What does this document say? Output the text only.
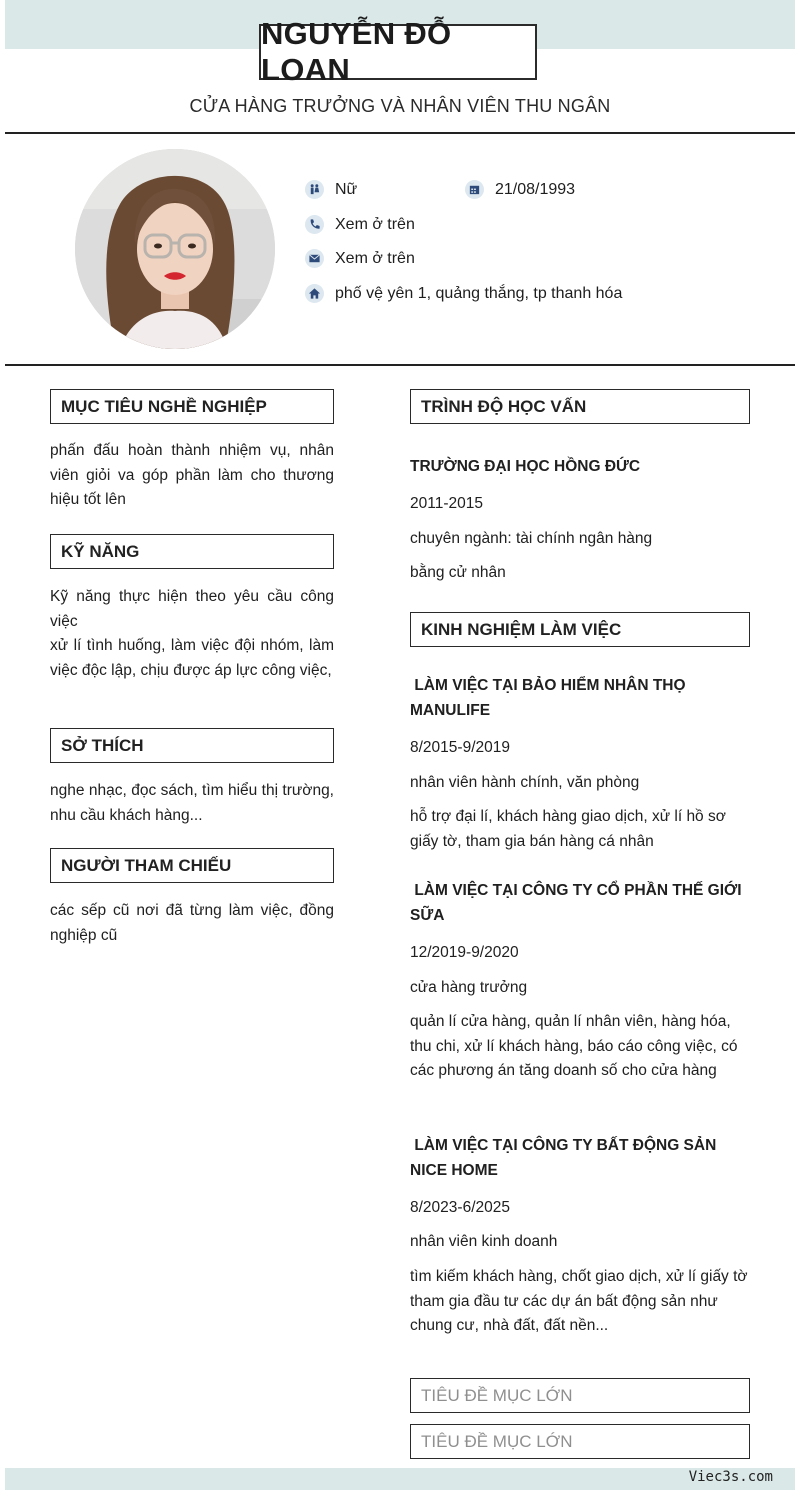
NGUYỄN ĐỖ LOAN
CỬA HÀNG TRƯỞNG VÀ NHÂN VIÊN THU NGÂN
Nữ	21/08/1993
Xem ở trên
Xem ở trên
phố vệ yên 1, quảng thắng, tp thanh hóa
MỤC TIÊU NGHỀ NGHIỆP
phấn đấu hoàn thành nhiệm vụ, nhân viên giỏi va góp phần làm cho thương hiệu tốt lên
KỸ NĂNG
Kỹ năng thực hiện theo yêu cầu công việc
xử lí tình huống, làm việc đội nhóm, làm việc độc lập, chịu được áp lực công việc,
SỞ THÍCH
nghe nhạc, đọc sách, tìm hiểu thị trường, nhu cầu khách hàng...
NGƯỜI THAM CHIẾU
các sếp cũ nơi đã từng làm việc, đồng nghiệp cũ
TRÌNH ĐỘ HỌC VẤN
TRƯỜNG ĐẠI HỌC HỒNG ĐỨC
2011-2015
chuyên ngành: tài chính ngân hàng
bằng cử nhân
KINH NGHIỆM LÀM VIỆC
LÀM VIỆC TẠI BẢO HIỂM NHÂN THỌ MANULIFE
8/2015-9/2019
nhân viên hành chính, văn phòng
hỗ trợ đại lí, khách hàng giao dịch, xử lí hồ sơ giấy tờ, tham gia bán hàng cá nhân
LÀM VIỆC TẠI CÔNG TY CỔ PHẦN THẾ GIỚI SỮA
12/2019-9/2020
cửa hàng trưởng
quản lí cửa hàng, quản lí nhân viên, hàng hóa, thu chi, xử lí khách hàng, báo cáo công việc, có các phương án tăng doanh số cho cửa hàng
LÀM VIỆC TẠI CÔNG TY BẤT ĐỘNG SẢN NICE HOME
8/2023-6/2025
nhân viên kinh doanh
tìm kiếm khách hàng, chốt giao dịch, xử lí giấy tờ
tham gia đầu tư các dự án bất động sản như chung cư, nhà đất, đất nền...
TIÊU ĐỀ MỤC LỚN
TIÊU ĐỀ MỤC LỚN
Viec3s.com
